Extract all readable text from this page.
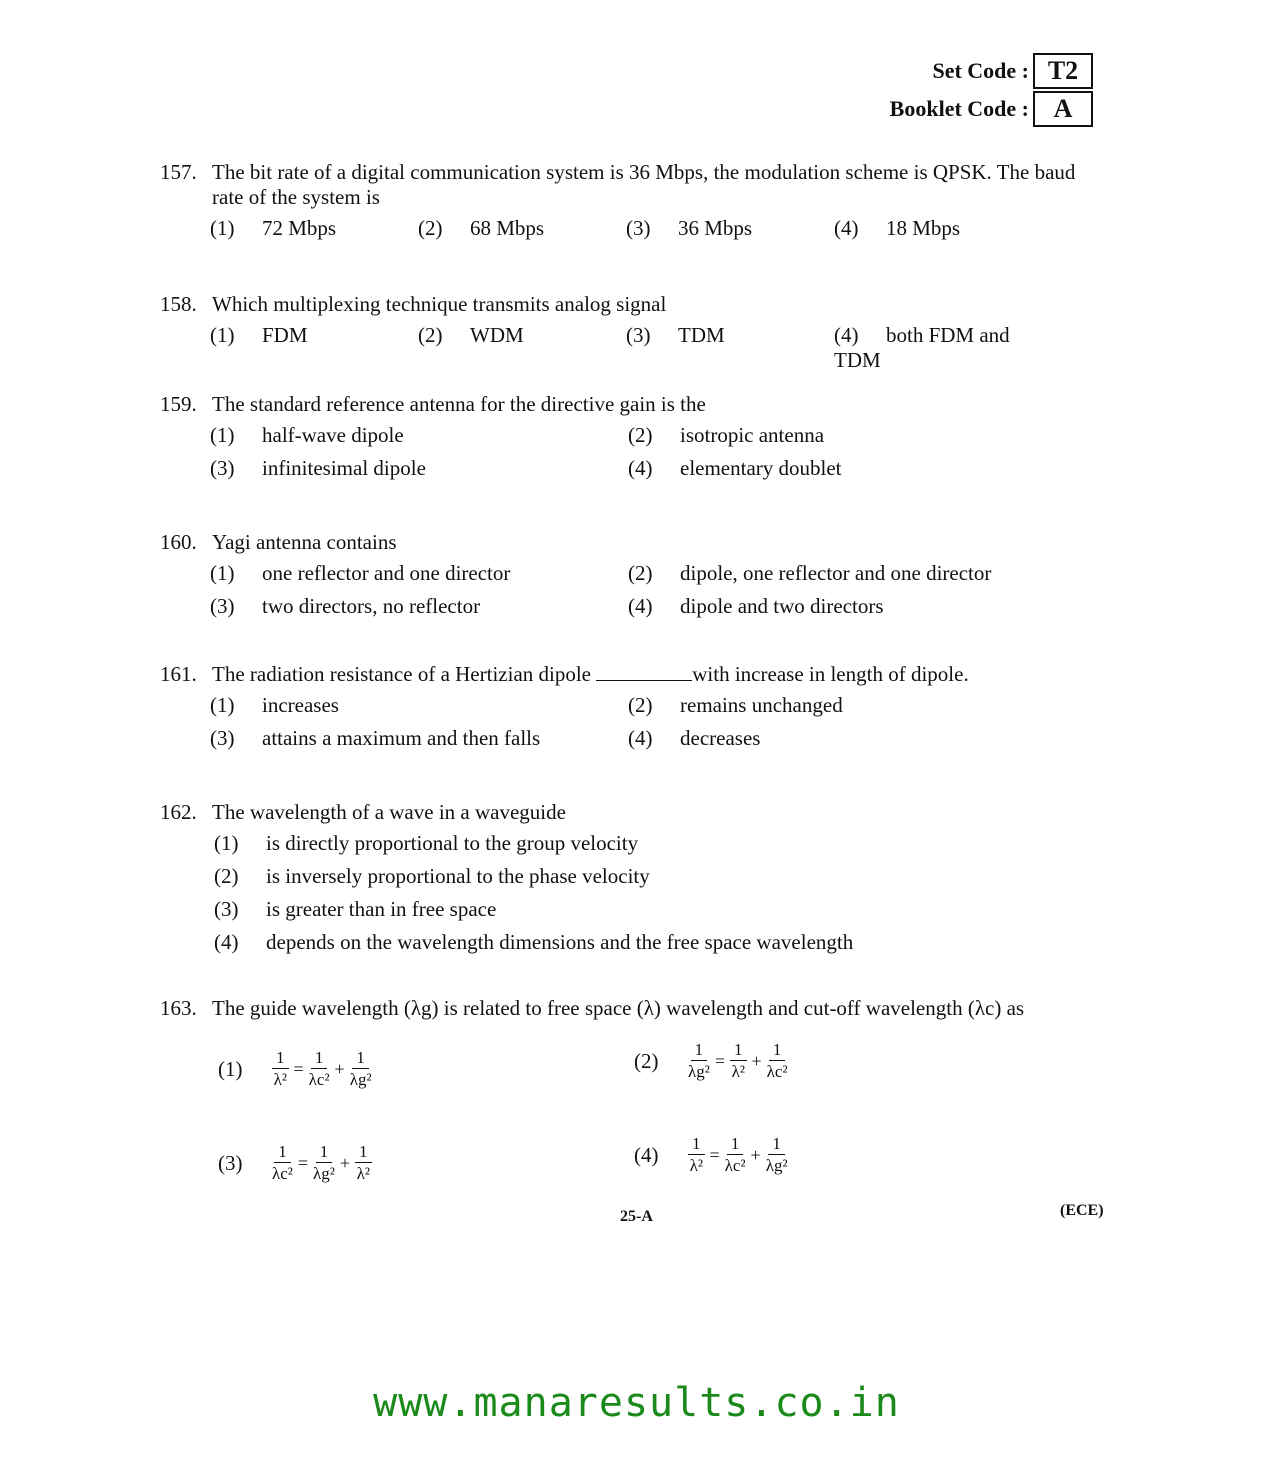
Set Code : T2
Booklet Code : A
157. The bit rate of a digital communication system is 36 Mbps, the modulation scheme is QPSK. The baud rate of the system is
(1) 72 Mbps	(2) 68 Mbps	(3) 36 Mbps	(4) 18 Mbps
158. Which multiplexing technique transmits analog signal
(1) FDM	(2) WDM	(3) TDM	(4) both FDM and TDM
159. The standard reference antenna for the directive gain is the
(1) half-wave dipole	(2) isotropic antenna
(3) infinitesimal dipole	(4) elementary doublet
160. Yagi antenna contains
(1) one reflector and one director	(2) dipole, one reflector and one director
(3) two directors, no reflector	(4) dipole and two directors
161. The radiation resistance of a Hertizian dipole	with increase in length of dipole.
(1) increases	(2) remains unchanged
(3) attains a maximum and then falls	(4) decreases
162. The wavelength of a wave in a waveguide
(1) is directly proportional to the group velocity
(2) is inversely proportional to the phase velocity
(3) is greater than in free space
(4) depends on the wavelength dimensions and the free space wavelength
163. The guide wavelength (λg) is related to free space (λ) wavelength and cut-off wavelength (λc) as
(1)	$\frac{1}{\text{λ²}} = \frac{1}{\text{λc²}} + \frac{1}{\text{λg²}}$	(2)	$\frac{1}{\text{λg²}} = \frac{1}{\text{λ²}} + \frac{1}{\text{λc²}}$
(3)	$\frac{1}{\text{λc²}} = \frac{1}{\text{λg²}} + \frac{1}{\text{λ²}}$	(4)	$\frac{1}{\text{λ²}} = \frac{1}{\text{λc²}} + \frac{1}{\text{λg²}}$
25-A	(ECE)
www.manaresults.co.in
